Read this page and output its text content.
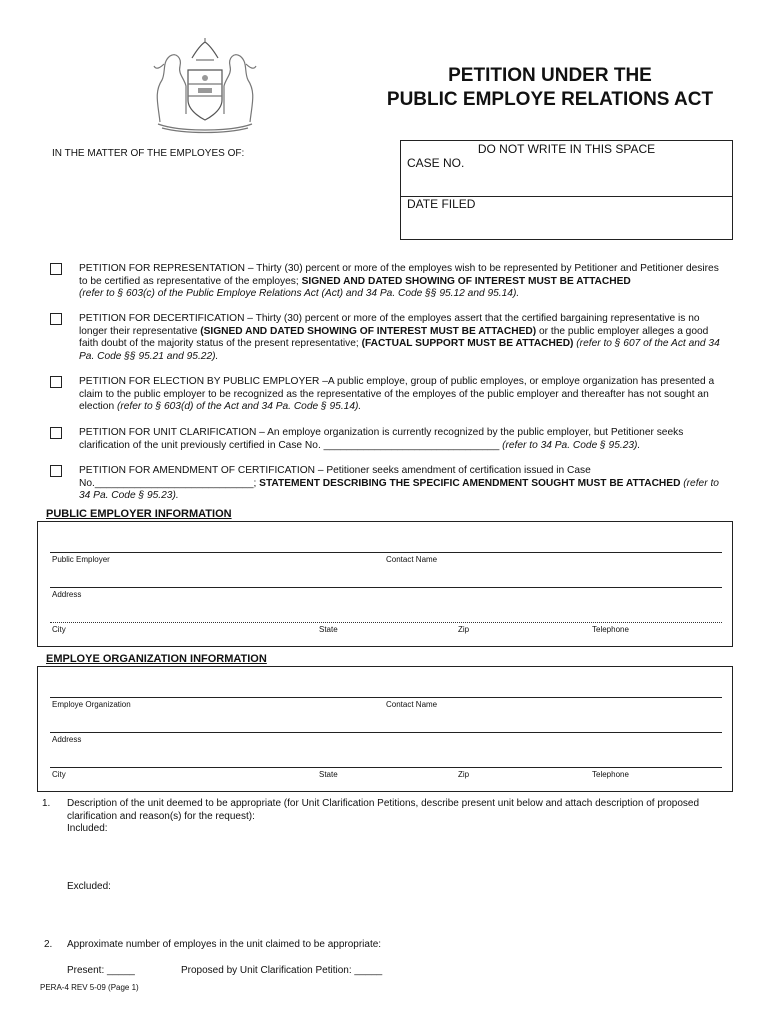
PETITION UNDER THE
PUBLIC EMPLOYE RELATIONS ACT
IN THE MATTER OF THE EMPLOYES OF:	DO NOT WRITE IN THIS SPACE
CASE NO.
DATE FILED
PETITION FOR REPRESENTATION – Thirty (30) percent or more of the employes wish to be represented by Petitioner and Petitioner desires to be certified as representative of the employes; SIGNED AND DATED SHOWING OF INTEREST MUST BE ATTACHED
(refer to § 603(c) of the Public Employe Relations Act (Act) and 34 Pa. Code §§ 95.12 and 95.14).
PETITION FOR DECERTIFICATION – Thirty (30) percent or more of the employes assert that the certified bargaining representative is no longer their representative (SIGNED AND DATED SHOWING OF INTEREST MUST BE ATTACHED) or the public employer alleges a good faith doubt of the majority status of the present representative; (FACTUAL SUPPORT MUST BE ATTACHED) (refer to § 607 of the Act and 34 Pa. Code §§ 95.21 and 95.22).
PETITION FOR ELECTION BY PUBLIC EMPLOYER –A public employe, group of public employes, or employe organization has presented a claim to the public employer to be recognized as the representative of the employes of the public employer and thereafter has not sought an election (refer to § 603(d) of the Act and 34 Pa. Code § 95.14).
PETITION FOR UNIT CLARIFICATION – An employe organization is currently recognized by the public employer, but Petitioner seeks clarification of the unit previously certified in Case No. _______________________________ (refer to 34 Pa. Code § 95.23).
PETITION FOR AMENDMENT OF CERTIFICATION – Petitioner seeks amendment of certification issued in Case No.____________________________; STATEMENT DESCRIBING THE SPECIFIC AMENDMENT SOUGHT MUST BE ATTACHED (refer to 34 Pa. Code § 95.23).
PUBLIC EMPLOYER INFORMATION
Public Employer	Contact Name
Address
City	State	Zip	Telephone
EMPLOYE ORGANIZATION INFORMATION
Employe Organization	Contact Name
Address
City	State	Zip	Telephone
1. Description of the unit deemed to be appropriate (for Unit Clarification Petitions, describe present unit below and attach description of proposed clarification and reason(s) for the request):
Included:
Excluded:
2. Approximate number of employes in the unit claimed to be appropriate:
Present: _____	Proposed by Unit Clarification Petition: _____
PERA-4 REV 5-09 (Page 1)
